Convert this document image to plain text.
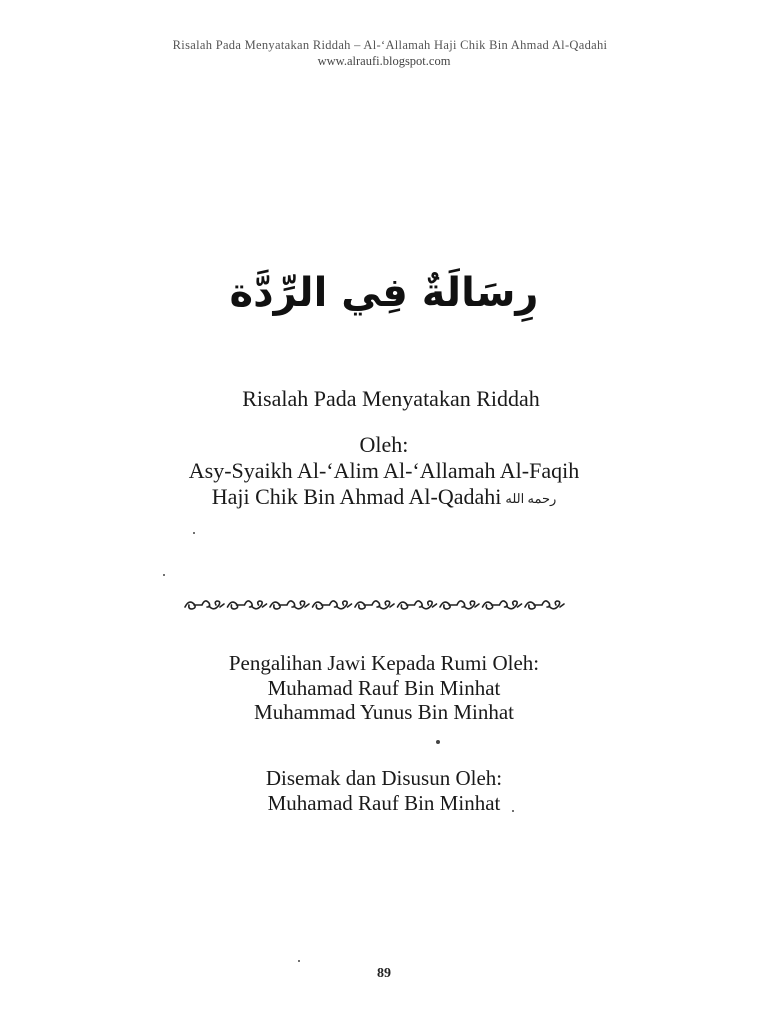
Risalah Pada Menyatakan Riddah – Al-‘Allamah Haji Chik Bin Ahmad Al-Qadahi
www.alraufi.blogspot.com
رِسَالَةٌ فِي الرِّدَّة
Risalah Pada Menyatakan Riddah
Oleh:
Asy-Syaikh Al-‘Alim Al-‘Allamah Al-Faqih
Haji Chik Bin Ahmad Al-Qadahi رحمه الله
Pengalihan Jawi Kepada Rumi Oleh:
Muhamad Rauf Bin Minhat
Muhammad Yunus Bin Minhat
Disemak dan Disusun Oleh:
Muhamad Rauf Bin Minhat
89
